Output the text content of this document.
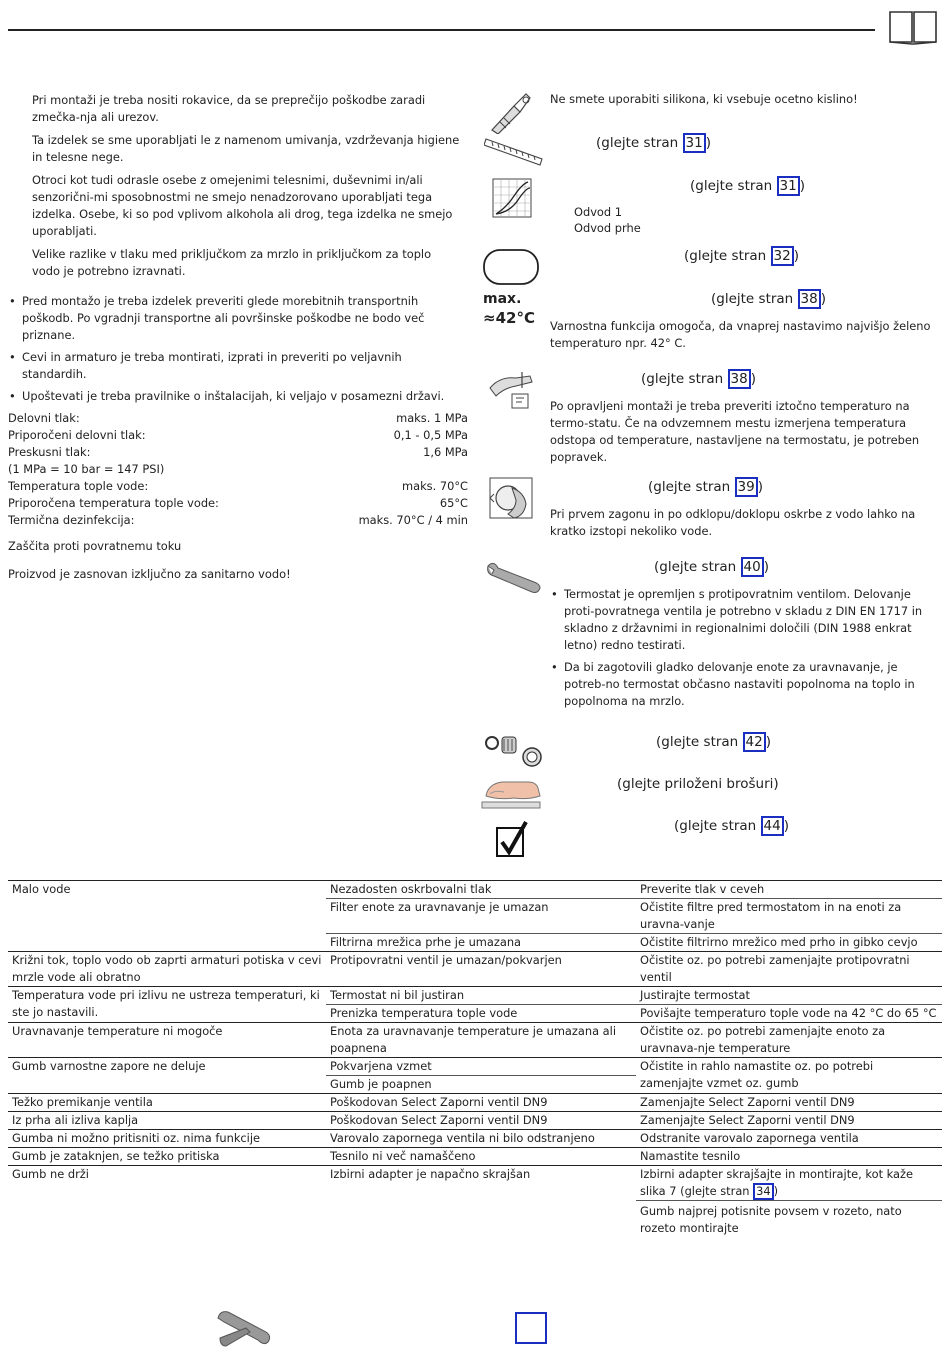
Pri montaži je treba nositi rokavice, da se preprečijo poškodbe zaradi zmečka-nja ali urezov.

Ta izdelek se sme uporabljati le z namenom umivanja, vzdrževanja higiene in telesne nege.

Otroci kot tudi odrasle osebe z omejenimi telesnimi, duševnimi in/ali senzorični-mi sposobnostmi ne smejo nenadzorovano uporabljati tega izdelka. Osebe, ki so pod vplivom alkohola ali drog, tega izdelka ne smejo uporabljati.

Velike razlike v tlaku med priključkom za mrzlo in priključkom za toplo vodo je potrebno izravnati.

• Pred montažo je treba izdelek preveriti glede morebitnih transportnih poškodb. Po vgradnji transportne ali površinske poškodbe ne bodo več priznane.
• Cevi in armaturo je treba montirati, izprati in preveriti po veljavnih standardih.
• Upoštevati je treba pravilnike o inštalacijah, ki veljajo v posamezni državi.
Delovni tlak:	maks. 1 MPa
Priporočeni delovni tlak:	0,1 - 0,5 MPa
Preskusni tlak:	1,6 MPa
(1 MPa = 10 bar = 147 PSI)
Temperatura tople vode:	maks. 70°C
Priporočena temperatura tople vode:	65°C
Termična dezinfekcija:	maks. 70°C / 4 min
Zaščita proti povratnemu toku
Proizvod je zasnovan izključno za sanitarno vodo!
max.
≈42°C
Ne smete uporabiti silikona, ki vsebuje ocetno kislino!
(glejte stran 31 )
(glejte stran 31 )
Odvod 1
Odvod prhe
(glejte stran 32 )
(glejte stran 38 )
Varnostna funkcija omogoča, da vnaprej nastavimo najvišjo želeno temperaturo npr. 42° C.
(glejte stran 38 )
Po opravljeni montaži je treba preveriti iztočno temperaturo na termo-statu. Če na odvzemnem mestu izmerjena temperatura odstopa od temperature, nastavljene na termostatu, je potreben popravek.
(glejte stran 39 )
Pri prvem zagonu in po odklopu/doklopu oskrbe z vodo lahko na kratko izstopi nekoliko vode.
(glejte stran 40 )
• Termostat je opremljen s protipovratnim ventilom. Delovanje proti-povratnega ventila je potrebno v skladu z DIN EN 1717 in skladno z državnimi in regionalnimi določili (DIN 1988 enkrat letno) redno testirati.
• Da bi zagotovili gladko delovanje enote za uravnavanje, je potreb-no termostat občasno nastaviti popolnoma na toplo in popolnoma na mrzlo.
(glejte stran 42 )
(glejte priloženi brošuri)
(glejte stran 44 )
Malo vode	Nezadosten oskrbovalni tlak	Preverite tlak v ceveh
	Filter enote za uravnavanje je umazan	Očistite filtre pred termostatom in na enoti za uravna-vanje
	Filtrirna mrežica prhe je umazana	Očistite filtrirno mrežico med prho in gibko cevjo
Križni tok, toplo vodo ob zaprti armaturi potiska v cevi mrzle vode ali obratno	Protipovratni ventil je umazan/pokvarjen	Očistite oz. po potrebi zamenjajte protipovratni ventil
Temperatura vode pri izlivu ne ustreza temperaturi, ki ste jo nastavili.	Termostat ni bil justiran	Justirajte termostat
	Prenizka temperatura tople vode	Povišajte temperaturo tople vode na 42 °C do 65 °C
Uravnavanje temperature ni mogoče	Enota za uravnavanje temperature je umazana ali poapnena	Očistite oz. po potrebi zamenjajte enoto za uravnava-nje temperature
Gumb varnostne zapore ne deluje	Pokvarjena vzmet	Očistite in rahlo namastite oz. po potrebi zamenjajte vzmet oz. gumb
	Gumb je poapnen	
Težko premikanje ventila	Poškodovan Select Zaporni ventil DN9	Zamenjajte Select Zaporni ventil DN9
Iz prha ali izliva kaplja	Poškodovan Select Zaporni ventil DN9	Zamenjajte Select Zaporni ventil DN9
Gumba ni možno pritisniti oz. nima funkcije	Varovalo zapornega ventila ni bilo odstranjeno	Odstranite varovalo zapornega ventila
Gumb je zataknjen, se težko pritiska	Tesnilo ni več namaščeno	Namastite tesnilo
Gumb ne drži	Izbirni adapter je napačno skrajšan	Izbirni adapter skrajšajte in montirajte, kot kaže slika 7 (glejte stran 34 )
		Gumb najprej potisnite povsem v rozeto, nato rozeto montirajte
